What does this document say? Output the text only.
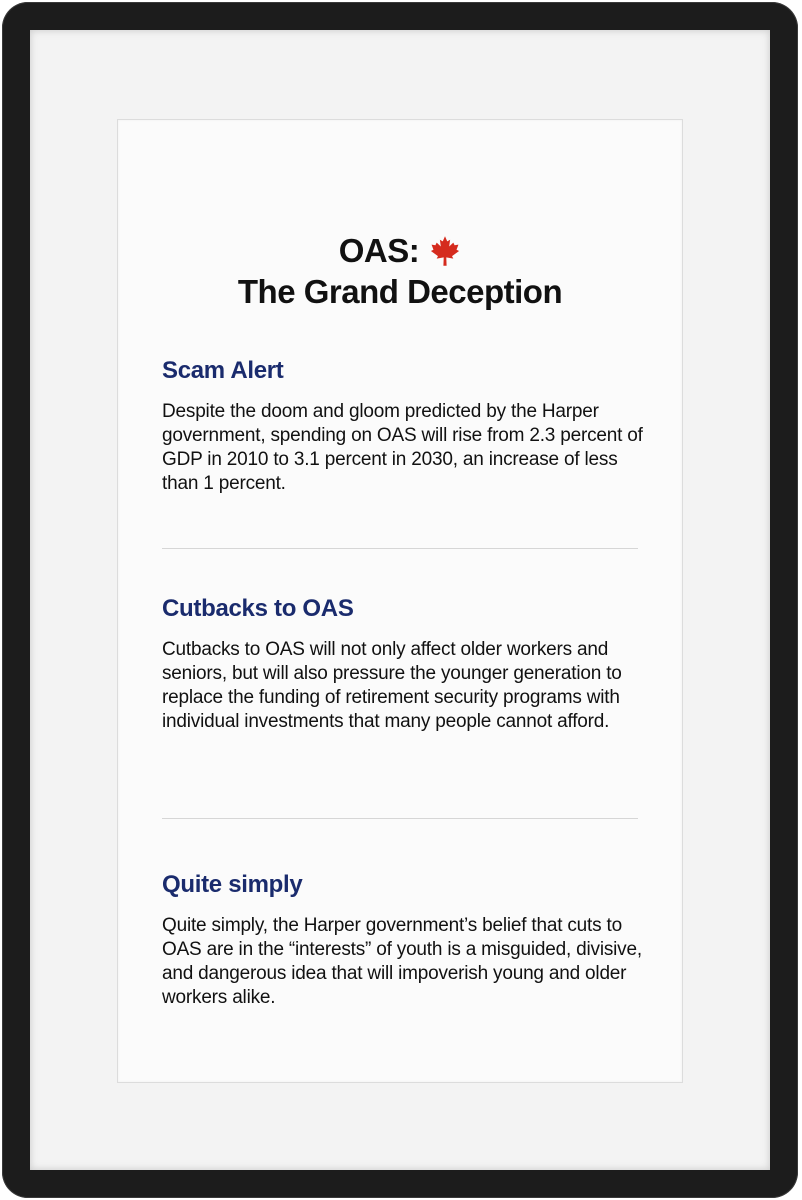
OAS:
The Grand Deception
Scam Alert

Despite the doom and gloom predicted by the Harper government, spending on OAS will rise from 2.3 percent of GDP in 2010 to 3.1 percent in 2030, an increase of less than 1 percent.

Cutbacks to OAS

Cutbacks to OAS will not only affect older workers and seniors, but will also pressure the younger generation to replace the funding of retirement security programs with individual investments that many people cannot afford.

Quite simply

Quite simply, the Harper government’s belief that cuts to OAS are in the “interests” of youth is a misguided, divisive, and dangerous idea that will impoverish young and older workers alike.
